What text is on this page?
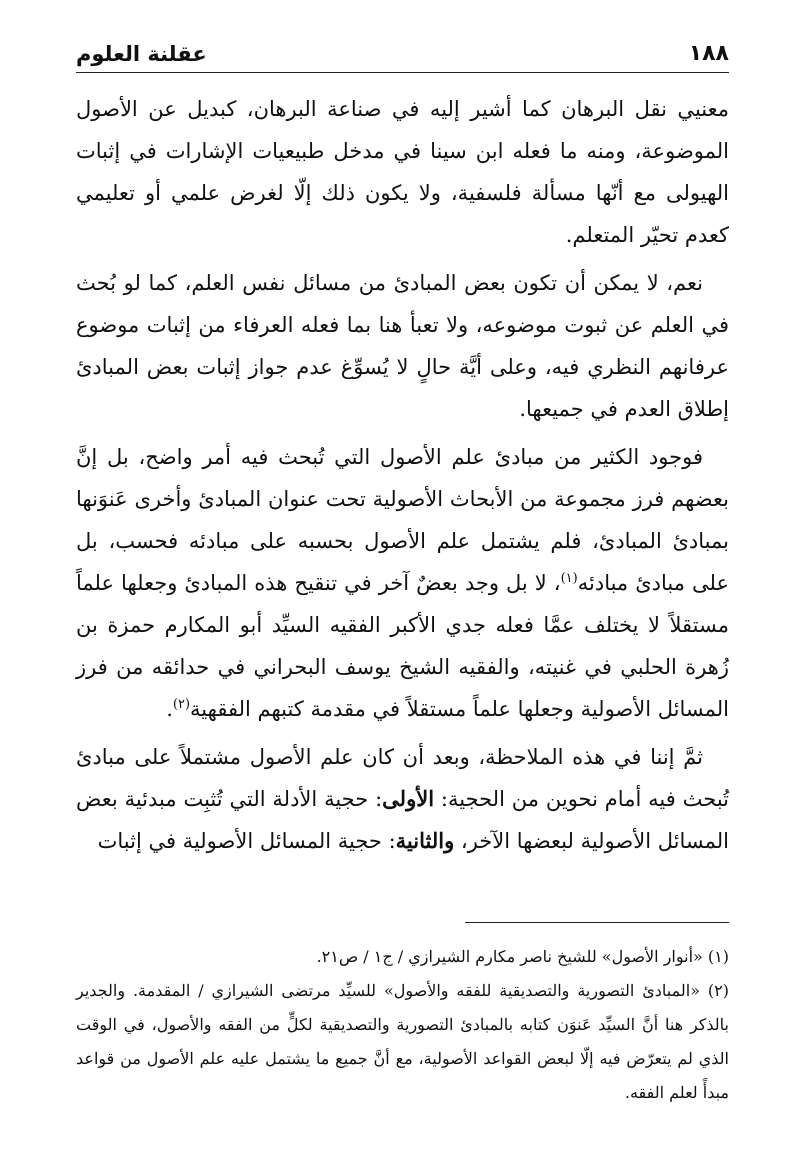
١٨٨
عقلنة العلوم

معنيي نقل البرهان كما أشير إليه في صناعة البرهان، كبديل عن الأصول الموضوعة، ومنه ما فعله ابن سينا في مدخل طبيعيات الإشارات في إثبات الهيولى مع أنّها مسألة فلسفية، ولا يكون ذلك إلّا لغرض علمي أو تعليمي كعدم تحيّر المتعلم.

نعم، لا يمكن أن تكون بعض المبادئ من مسائل نفس العلم، كما لو بُحث في العلم عن ثبوت موضوعه، ولا تعبأ هنا بما فعله العرفاء من إثبات موضوع عرفانهم النظري فيه، وعلى أيَّة حالٍ لا يُسوِّغ عدم جواز إثبات بعض المبادئ إطلاق العدم في جميعها.

فوجود الكثير من مبادئ علم الأصول التي تُبحث فيه أمر واضح، بل إنَّ بعضهم فرز مجموعة من الأبحاث الأصولية تحت عنوان المبادئ وأخرى عَنوَنها بمبادئ المبادئ، فلم يشتمل علم الأصول بحسبه على مبادئه فحسب، بل على مبادئ مبادئه$^{(١)}$، لا بل وجد بعضٌ آخر في تنقيح هذه المبادئ وجعلها علماً مستقلاً لا يختلف عمَّا فعله جدي الأكبر الفقيه السيِّد أبو المكارم حمزة بن زُهرة الحلبي في غنيته، والفقيه الشيخ يوسف البحراني في حدائقه من فرز المسائل الأصولية وجعلها علماً مستقلاً في مقدمة كتبهم الفقهية$^{(٢)}$.

ثمَّ إننا في هذه الملاحظة، وبعد أن كان علم الأصول مشتملاً على مبادئ تُبحث فيه أمام نحوين من الحجية: الأولى: حجية الأدلة التي تُثبِت مبدئية بعض المسائل الأصولية لبعضها الآخر، والثانية: حجية المسائل الأصولية في إثبات

(١) «أنوار الأصول» للشيخ ناصر مكارم الشيرازي / ج١ / ص٢١.

(٢) «المبادئ التصورية والتصديقية للفقه والأصول» للسيِّد مرتضى الشيرازي / المقدمة. والجدير بالذكر هنا أنَّ السيِّد عَنوَن كتابه بالمبادئ التصورية والتصديقية لكلٍّ من الفقه والأصول، في الوقت الذي لم يتعرّض فيه إلّا لبعض القواعد الأصولية، مع أنَّ جميع ما يشتمل عليه علم الأصول من قواعد مبدأً لعلم الفقه.
